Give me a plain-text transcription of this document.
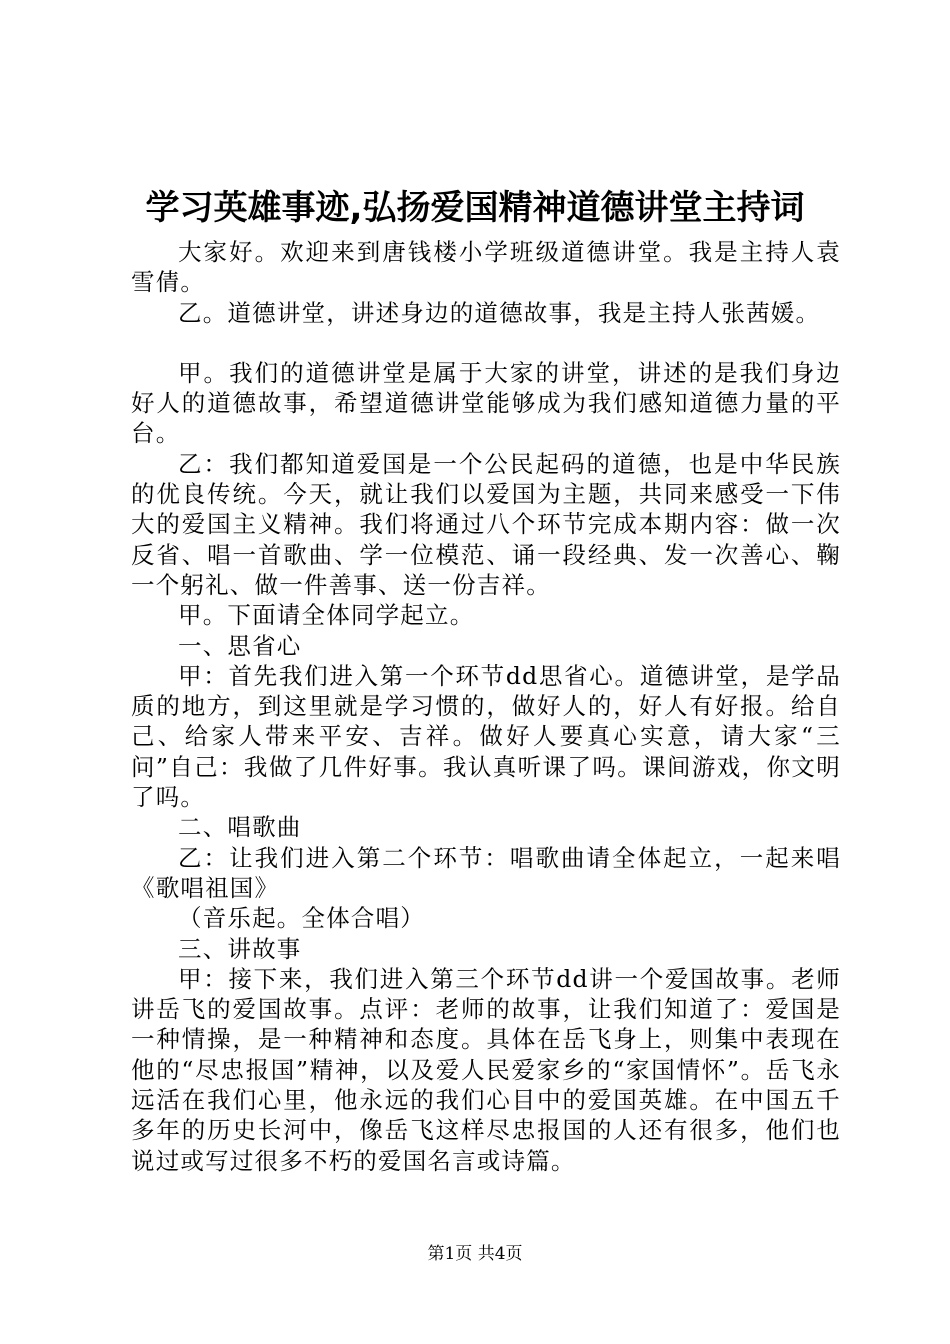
学习英雄事迹,弘扬爱国精神道德讲堂主持词

大家好。欢迎来到唐钱楼小学班级道德讲堂。我是主持人袁雪倩。

乙。道德讲堂，讲述身边的道德故事，我是主持人张茜媛。

甲。我们的道德讲堂是属于大家的讲堂，讲述的是我们身边好人的道德故事，希望道德讲堂能够成为我们感知道德力量的平台。

乙：我们都知道爱国是一个公民起码的道德，也是中华民族的优良传统。今天，就让我们以爱国为主题，共同来感受一下伟大的爱国主义精神。我们将通过八个环节完成本期内容：做一次反省、唱一首歌曲、学一位模范、诵一段经典、发一次善心、鞠一个躬礼、做一件善事、送一份吉祥。

甲。下面请全体同学起立。

一、思省心

甲：首先我们进入第一个环节dd思省心。道德讲堂，是学品质的地方，到这里就是学习惯的，做好人的，好人有好报。给自己、给家人带来平安、吉祥。做好人要真心实意，请大家“三问”自己：我做了几件好事。我认真听课了吗。课间游戏，你文明了吗。

二、唱歌曲

乙：让我们进入第二个环节：唱歌曲请全体起立，一起来唱《歌唱祖国》

（音乐起。全体合唱）

三、讲故事

甲：接下来，我们进入第三个环节dd讲一个爱国故事。老师讲岳飞的爱国故事。点评：老师的故事，让我们知道了：爱国是一种情操，是一种精神和态度。具体在岳飞身上，则集中表现在他的“尽忠报国”精神，以及爱人民爱家乡的“家国情怀”。岳飞永远活在我们心里，他永远的我们心目中的爱国英雄。在中国五千多年的历史长河中，像岳飞这样尽忠报国的人还有很多，他们也说过或写过很多不朽的爱国名言或诗篇。

第1页 共4页
